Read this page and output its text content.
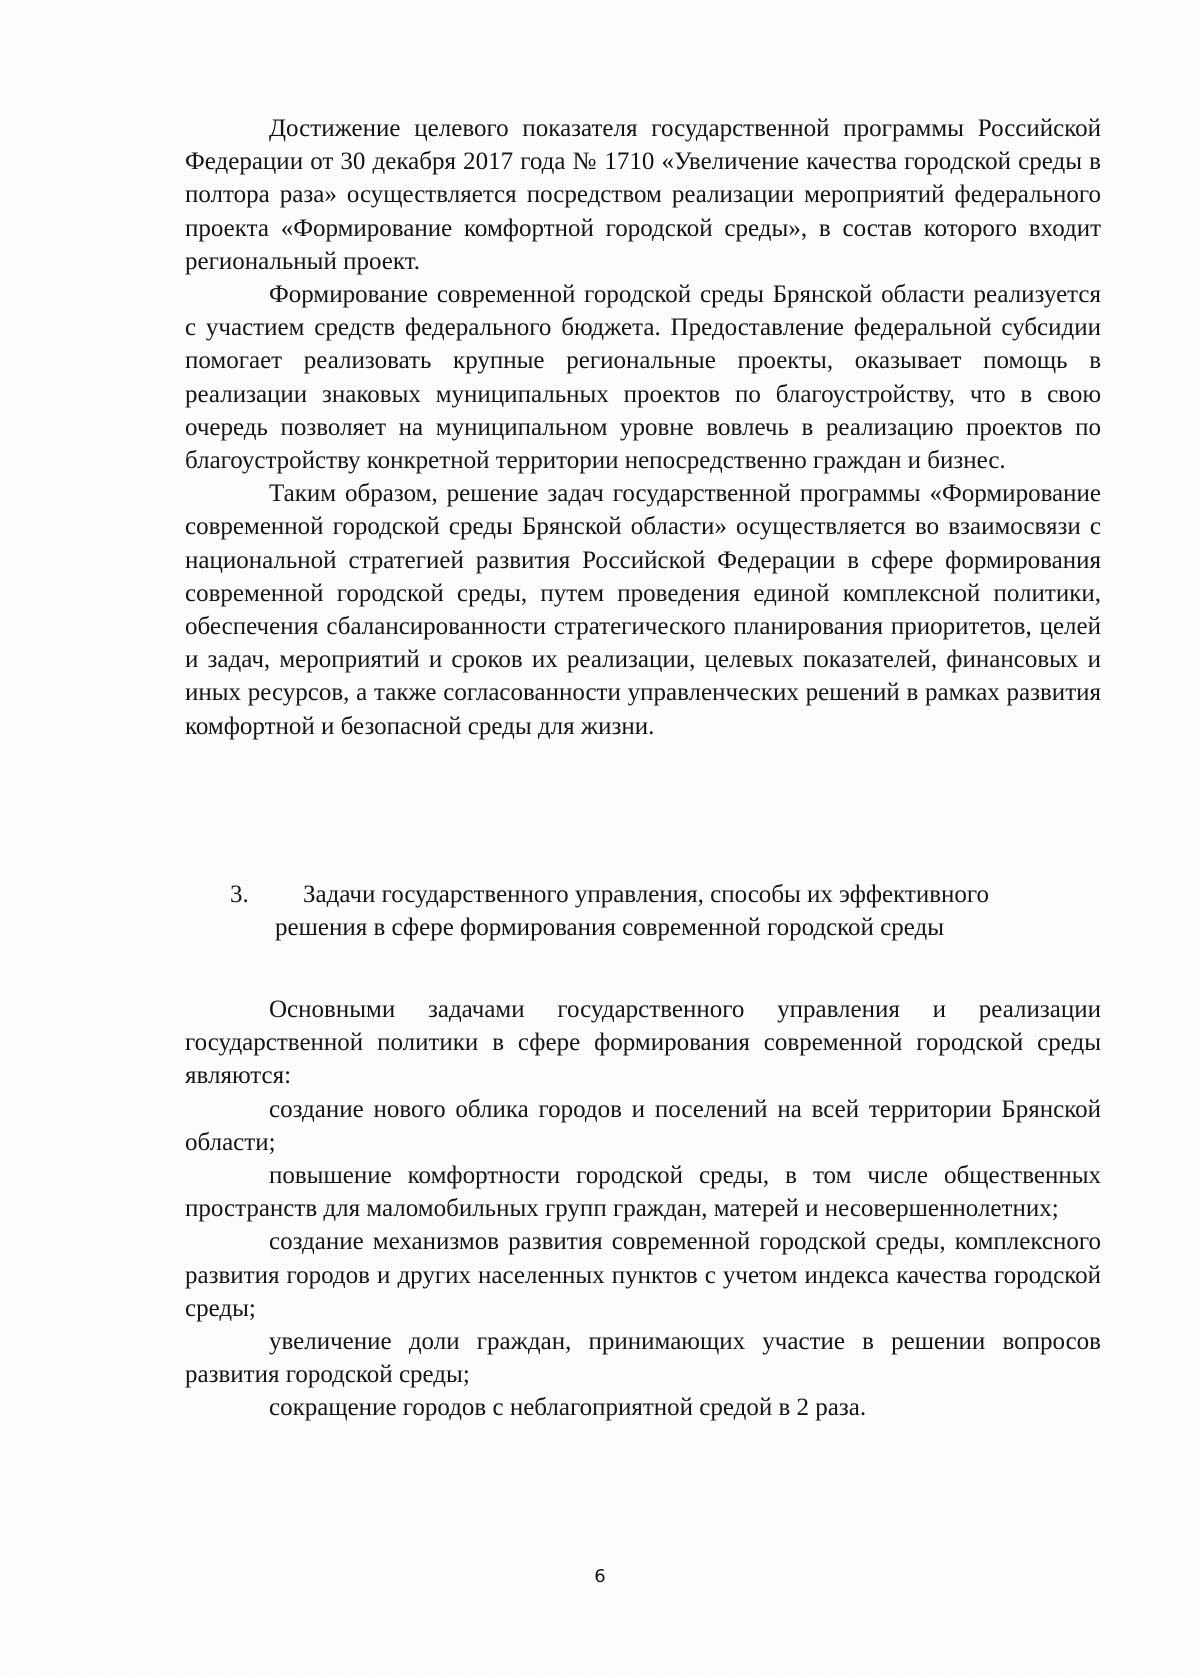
Достижение целевого показателя государственной программы Российской Федерации от 30 декабря 2017 года № 1710 «Увеличение качества городской среды в полтора раза» осуществляется посредством реализации мероприятий федерального проекта «Формирование комфортной городской среды», в состав которого входит региональный проект.

Формирование современной городской среды Брянской области реализуется с участием средств федерального бюджета. Предоставление федеральной субсидии помогает реализовать крупные региональные проекты, оказывает помощь в реализации знаковых муниципальных проектов по благоустройству, что в свою очередь позволяет на муниципальном уровне вовлечь в реализацию проектов по благоустройству конкретной территории непосредственно граждан и бизнес.

Таким образом, решение задач государственной программы «Формирование современной городской среды Брянской области» осуществляется во взаимосвязи с национальной стратегией развития Российской Федерации в сфере формирования современной городской среды, путем проведения единой комплексной политики, обеспечения сбалансированности стратегического планирования приоритетов, целей и задач, мероприятий и сроков их реализации, целевых показателей, финансовых и иных ресурсов, а также согласованности управленческих решений в рамках развития комфортной и безопасной среды для жизни.

3.	Задачи государственного управления, способы их эффективного
решения в сфере формирования современной городской среды

Основными задачами государственного управления и реализации государственной политики в сфере формирования современной городской среды являются:

создание нового облика городов и поселений на всей территории Брянской области;

повышение комфортности городской среды, в том числе общественных пространств для маломобильных групп граждан, матерей и несовершеннолетних;

создание механизмов развития современной городской среды, комплексного развития городов и других населенных пунктов с учетом индекса качества городской среды;

увеличение доли граждан, принимающих участие в решении вопросов развития городской среды;

сокращение городов с неблагоприятной средой в 2 раза.

6
